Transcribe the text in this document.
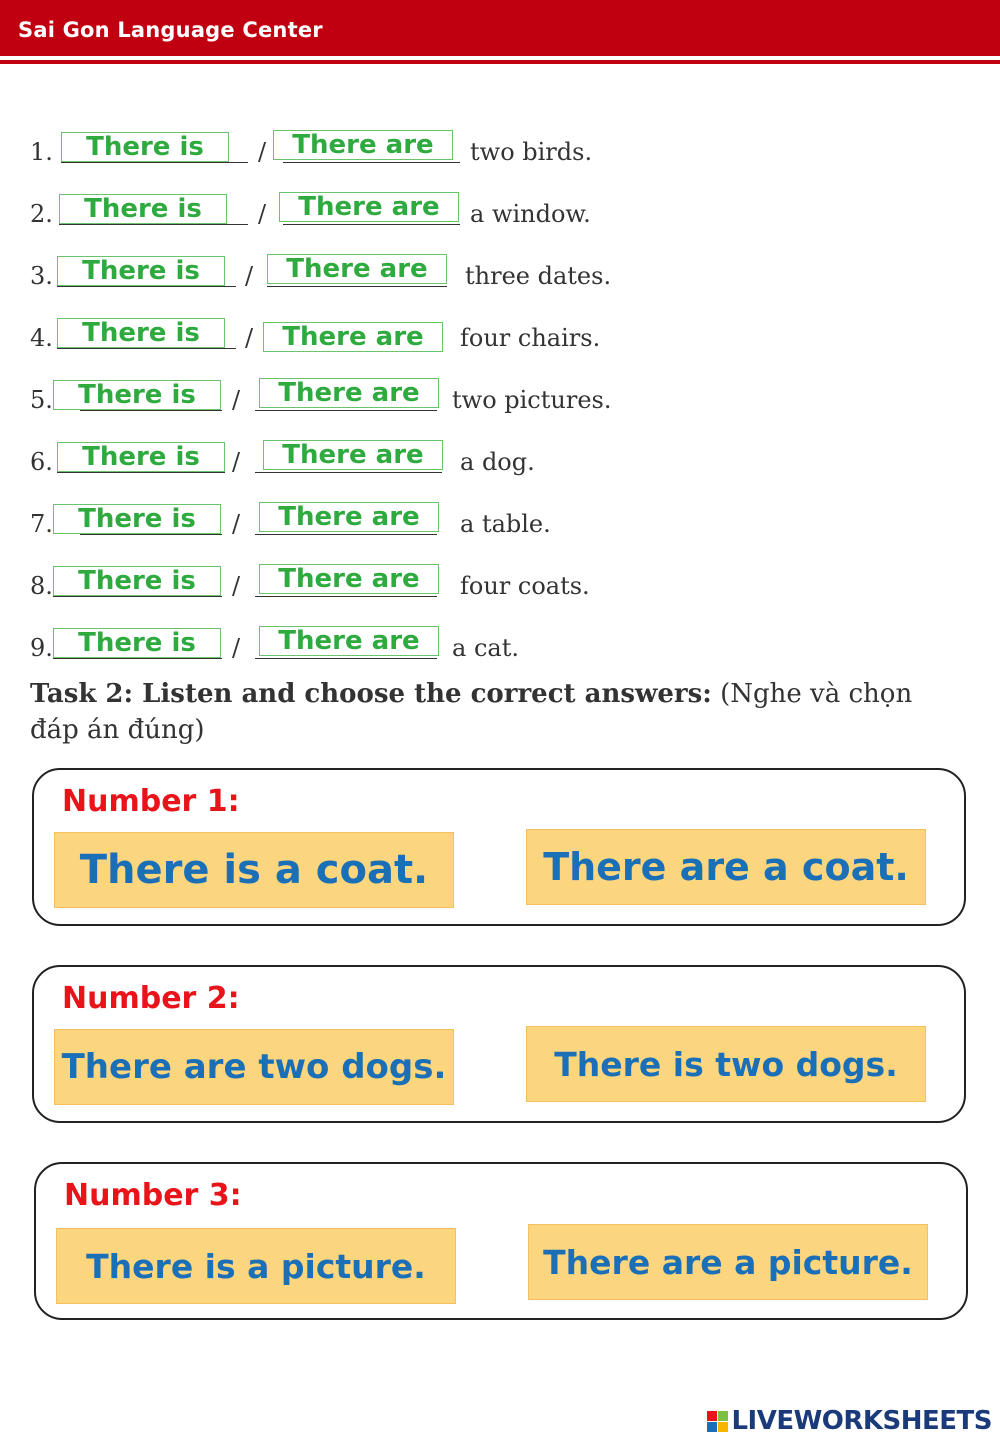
Sai Gon Language Center
1.	There is	/	There are	two birds.
2.	There is	/	There are	a window.
3.	There is	/	There are	three dates.
4.	There is	/	There are	four chairs.
5. There is	/	There are	two pictures.
6.	There is	/	There are	a dog.
7. There is	/	There are	a table.
8. There is	/	There are	four coats.
9. There is	/	There are	a cat.
Task 2: Listen and choose the correct answers: (Nghe và chọn đáp án đúng)
Number 1:
There is a coat.	There are a coat.
Number 2:
There are two dogs.	There is two dogs.
Number 3:
There is a picture.	There are a picture.
LIVEWORKSHEETS
